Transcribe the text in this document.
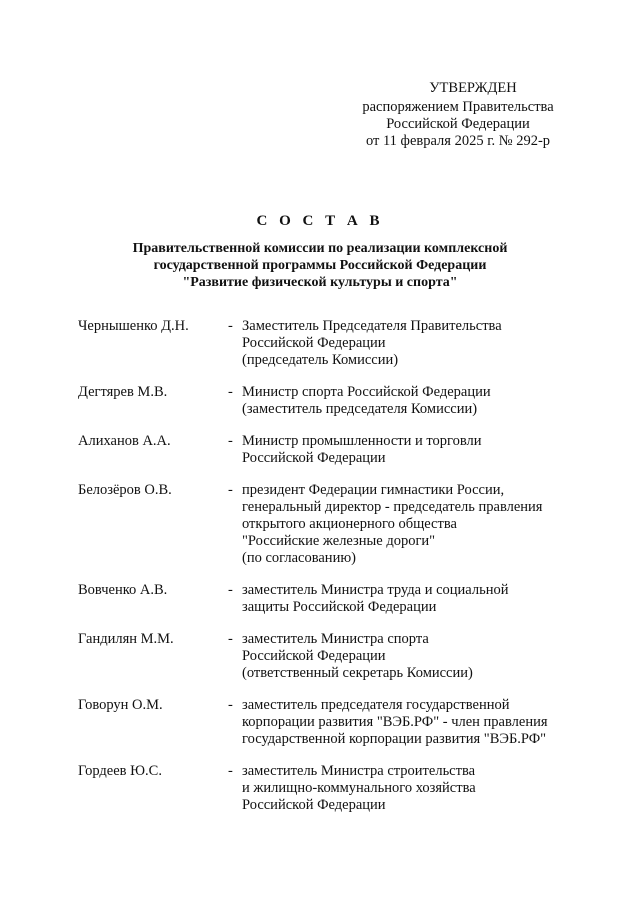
УТВЕРЖДЕН
распоряжением Правительства
Российской Федерации
от 11 февраля 2025 г. № 292-р
С О С Т А В
Правительственной комиссии по реализации комплексной
государственной программы Российской Федерации
"Развитие физической культуры и спорта"
Чернышенко Д.Н.	- Заместитель Председателя Правительства
Российской Федерации
(председатель Комиссии)
Дегтярев М.В.	- Министр спорта Российской Федерации
(заместитель председателя Комиссии)
Алиханов А.А.	- Министр промышленности и торговли
Российской Федерации
Белозёров О.В.	- президент Федерации гимнастики России,
генеральный директор - председатель правления
открытого акционерного общества
"Российские железные дороги"
(по согласованию)
Вовченко А.В.	- заместитель Министра труда и социальной
защиты Российской Федерации
Гандилян М.М.	- заместитель Министра спорта
Российской Федерации
(ответственный секретарь Комиссии)
Говорун О.М.	- заместитель председателя государственной
корпорации развития "ВЭБ.РФ" - член правления
государственной корпорации развития "ВЭБ.РФ"
Гордеев Ю.С.	- заместитель Министра строительства
и жилищно-коммунального хозяйства
Российской Федерации
